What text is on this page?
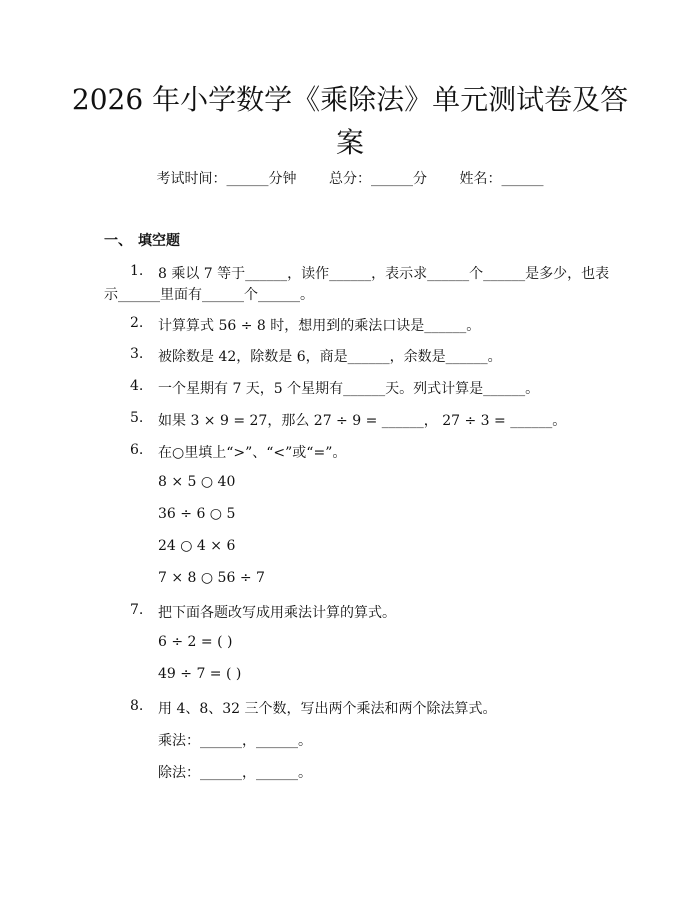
2026 年小学数学《乘除法》单元测试卷及答
案
考试时间：______分钟 总分：______分 姓名：______
一、 填空题
1. 8 乘以 7 等于______，读作______，表示求______个______是多少，也表
示______里面有______个______。
2. 计算算式 56 ÷ 8 时，想用到的乘法口诀是______。
3. 被除数是 42，除数是 6，商是______，余数是______。
4. 一个星期有 7 天，5 个星期有______天。列式计算是______。
5. 如果 3 × 9 = 27，那么 27 ÷ 9 = ______， 27 ÷ 3 = ______。
6. 在○里填上“>”、“<”或“=”。
8 × 5 ○ 40
36 ÷ 6 ○ 5
24 ○ 4 × 6
7 × 8 ○ 56 ÷ 7
7. 把下面各题改写成用乘法计算的算式。
6 ÷ 2 = ( )
49 ÷ 7 = ( )
8. 用 4、8、32 三个数，写出两个乘法和两个除法算式。
乘法：______，______。
除法：______，______。
